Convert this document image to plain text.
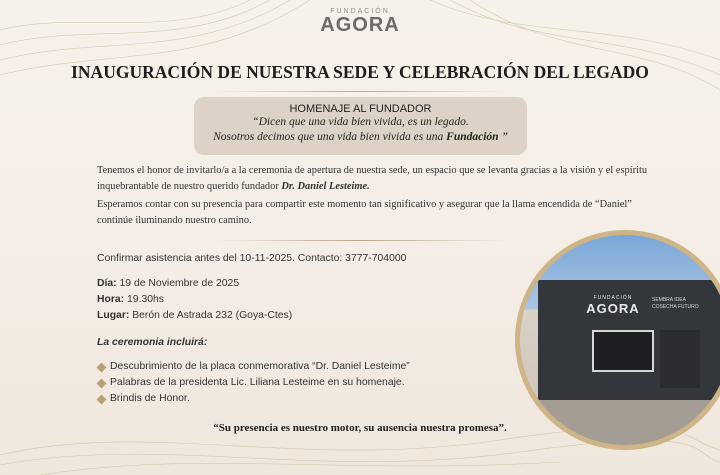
FUNDACIÓN
AGORA
INAUGURACIÓN DE NUESTRA SEDE Y CELEBRACIÓN DEL LEGADO
HOMENAJE AL FUNDADOR
“Dicen que una vida bien vivida, es un legado.
Nosotros decimos que una vida bien vivida es una Fundación ”
Tenemos el honor de invitarlo/a a la ceremonia de apertura de nuestra sede, un espacio que se levanta gracias a la visión y el espíritu inquebrantable de nuestro querido fundador Dr. Daniel Lesteime.
Esperamos contar con su presencia para compartir este momento tan significativo y asegurar que la llama encendida de “Daniel” continúe iluminando nuestro camino.
Confirmar asistencia antes del 10-11-2025. Contacto: 3777-704000
Día: 19 de Noviembre de 2025
Hora: 19.30hs
Lugar: Berón de Astrada 232 (Goya-Ctes)
La ceremonia incluirá:
Descubrimiento de la placa conmemorativa “Dr. Daniel Lesteime”
Palabras de la presidenta Lic. Liliana Lesteime en su homenaje.
Brindis de Honor.
“Su presencia es nuestro motor, su ausencia nuestra promesa”.
FUNDACIÓN
AGORA
SEMBRA IDEA
COSECHA FUTURO
